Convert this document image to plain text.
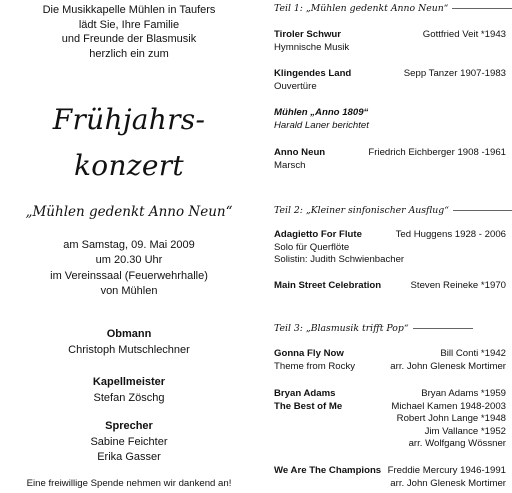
Die Musikkapelle Mühlen in Taufers
lädt Sie, Ihre Familie
und Freunde der Blasmusik
herzlich ein zum
Frühjahrs-
konzert
„Mühlen gedenkt Anno Neun“
am Samstag, 09. Mai 2009
um 20.30 Uhr
im Vereinssaal (Feuerwehrhalle)
von Mühlen
Obmann
Christoph Mutschlechner
Kapellmeister
Stefan Zöschg
Sprecher
Sabine Feichter
Erika Gasser
Eine freiwillige Spende nehmen wir dankend an!
Teil 1: „Mühlen gedenkt Anno Neun“
Tiroler Schwur	Gottfried Veit *1943
Hymnische Musik
Klingendes Land	Sepp Tanzer 1907-1983
Ouvertüre
Mühlen „Anno 1809“
Harald Laner berichtet
Anno Neun	Friedrich Eichberger 1908 -1961
Marsch
Teil 2: „Kleiner sinfonischer Ausflug“
Adagietto For Flute	Ted Huggens 1928 - 2006
Solo für Querflöte
Solistin: Judith Schwienbacher
Main Street Celebration	Steven Reineke *1970
Teil 3: „Blasmusik trifft Pop“
Gonna Fly Now	Bill Conti *1942
Theme from Rocky	arr. John Glenesk Mortimer
Bryan Adams	Bryan Adams *1959
The Best of Me	Michael Kamen 1948-2003
Robert John Lange *1948
Jim Vallance *1952
arr. Wolfgang Wössner
We Are The Champions Freddie Mercury 1946-1991
arr. John Glenesk Mortimer
